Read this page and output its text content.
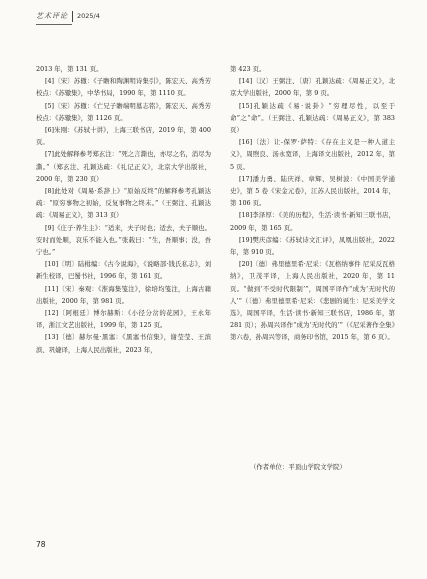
艺术评论 2025/4

2013 年，第 131 页。

[4]〔宋〕苏辙：《子瞻和陶渊明诗集引》，陈宏天、高秀芳校点：《苏辙集》，中华书局，1990 年，第 1110 页。

[5]〔宋〕苏辙：《亡兄子瞻端明墓志铭》，陈宏天、高秀芳校点：《苏辙集》，第 1126 页。

[6]朱刚：《苏轼十讲》，上海三联书店，2019 年，第 400 页。

[7]此处解释参考郑玄注：“死之言澌也，亦尽之名，消尽为澌。”（郑玄注、孔颖达疏：《礼记正义》，北京大学出版社，2000 年，第 230 页）

[8]此处对《周易·系辞上》“原始反终”的解释参考孔颖达疏：“原穷事物之初始，反复事物之终末。”（王弼注、孔颖达疏：《周易正义》，第 313 页）

[9]《庄子·养生主》：“适来，夫子时也；适去，夫子顺也。安时而处顺，哀乐不能入也。”张载曰：“生，吾顺事；没，吾宁也。”

[10]〔明〕陆楫编：《古今说海》，《说略部·钱氏私志》，刘新生校译，巴蜀书社，1996 年，第 161 页。

[11]〔宋〕秦观：《淮海集笺注》，徐培均笺注，上海古籍出版社，2000 年，第 981 页。

[12]〔阿根廷〕博尔赫斯：《小径分岔的花园》，王永年译，浙江文艺出版社，1999 年，第 125 页。

[13]〔德〕赫尔曼·黑塞：《黑塞书信集》，谢莹莹、王滨滨、巩婕译，上海人民出版社，2023 年，

第 423 页。

[14]〔汉〕王弼注、〔唐〕孔颖达疏：《周易正义》，北京大学出版社，2000 年，第 9 页。

[15]孔颖达疏《易·说卦》“穷理尽性，以至于命”之“命”。（王弼注、孔颖达疏：《周易正义》，第 383 页）

[16]〔法〕让-保罗·萨特：《存在主义是一种人道主义》，周煦良、汤永宽译，上海译文出版社，2012 年，第 5 页。

[17]潘力勇、陆庆祥、章辉、吴树波：《中国美学通史》，第 5 卷《宋金元卷》，江苏人民出版社，2014 年，第 106 页。

[18]李泽厚：《美的历程》，生活·读书·新知三联书店，2009 年，第 165 页。

[19]樊庆彦编：《苏轼诗文汇评》，凤凰出版社，2022 年，第 910 页。

[20]〔德〕弗里德里希·尼采：《瓦格纳事件 尼采反瓦格纳》，卫茂平译，上海人民出版社，2020 年，第 11 页。“做到‘不受时代限制’”，周国平译作“成为‘无时代的人’”（〔德〕弗里德里希·尼采：《悲剧的诞生：尼采美学文选》，周国平译，生活·读书·新知三联书店，1986 年，第 281 页）；孙周兴译作“成为‘无时代的’”（《尼采著作全集》第六卷，孙周兴等译，商务印书馆，2015 年，第 6 页）。

（作者单位：平顶山学院文学院）
78
